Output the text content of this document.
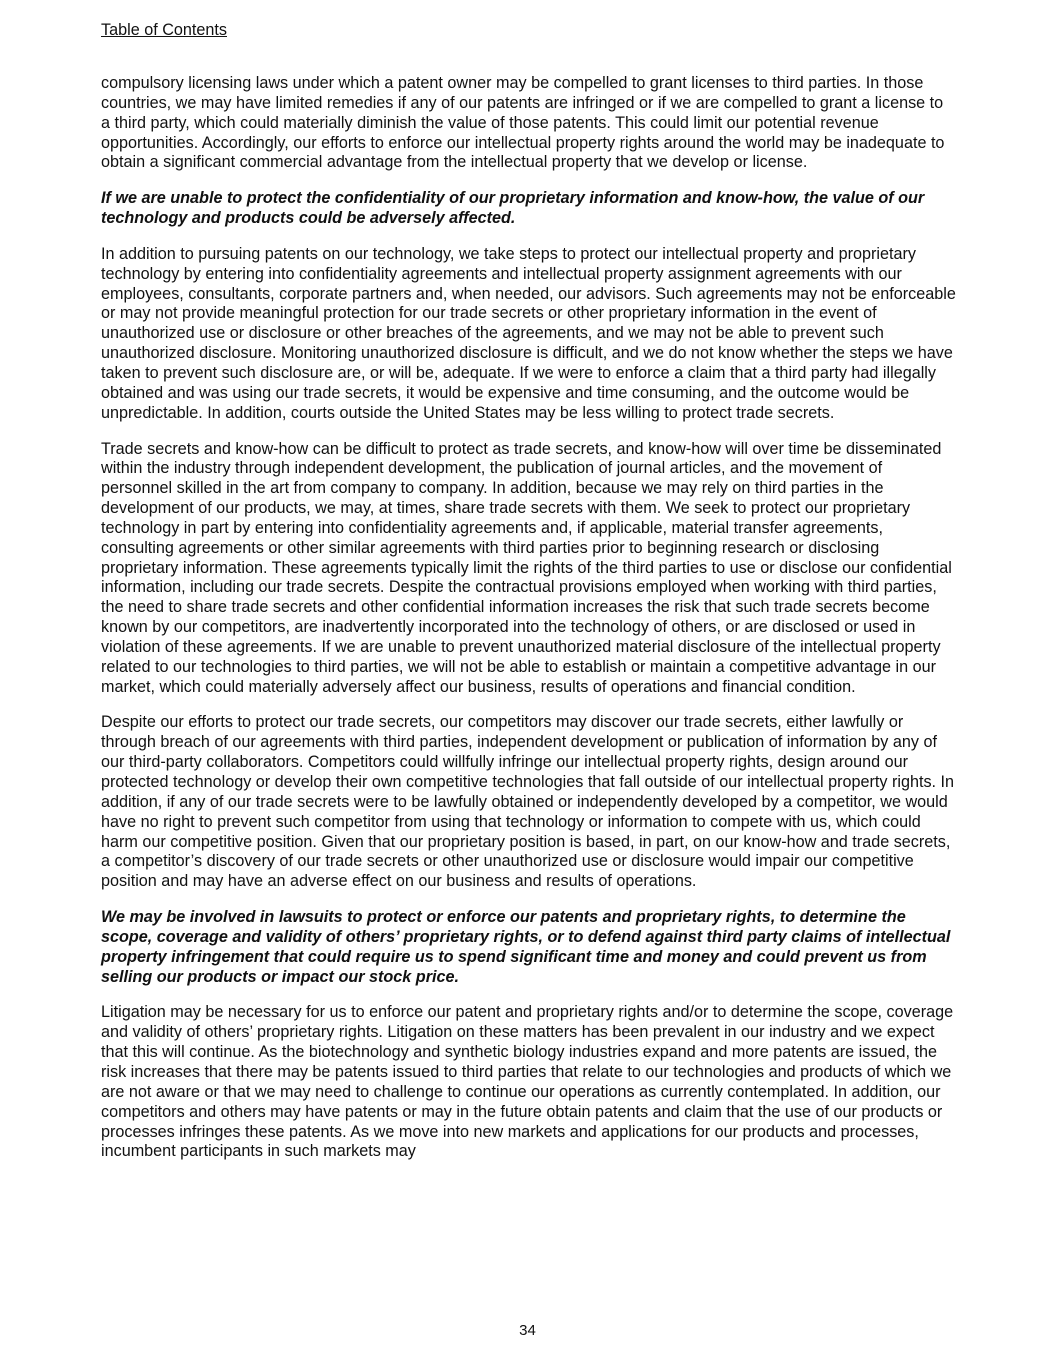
Table of Contents

compulsory licensing laws under which a patent owner may be compelled to grant licenses to third parties. In those countries, we may have limited remedies if any of our patents are infringed or if we are compelled to grant a license to a third party, which could materially diminish the value of those patents. This could limit our potential revenue opportunities. Accordingly, our efforts to enforce our intellectual property rights around the world may be inadequate to obtain a significant commercial advantage from the intellectual property that we develop or license.

If we are unable to protect the confidentiality of our proprietary information and know-how, the value of our technology and products could be adversely affected.

In addition to pursuing patents on our technology, we take steps to protect our intellectual property and proprietary technology by entering into confidentiality agreements and intellectual property assignment agreements with our employees, consultants, corporate partners and, when needed, our advisors. Such agreements may not be enforceable or may not provide meaningful protection for our trade secrets or other proprietary information in the event of unauthorized use or disclosure or other breaches of the agreements, and we may not be able to prevent such unauthorized disclosure. Monitoring unauthorized disclosure is difficult, and we do not know whether the steps we have taken to prevent such disclosure are, or will be, adequate. If we were to enforce a claim that a third party had illegally obtained and was using our trade secrets, it would be expensive and time consuming, and the outcome would be unpredictable. In addition, courts outside the United States may be less willing to protect trade secrets.

Trade secrets and know-how can be difficult to protect as trade secrets, and know-how will over time be disseminated within the industry through independent development, the publication of journal articles, and the movement of personnel skilled in the art from company to company. In addition, because we may rely on third parties in the development of our products, we may, at times, share trade secrets with them. We seek to protect our proprietary technology in part by entering into confidentiality agreements and, if applicable, material transfer agreements, consulting agreements or other similar agreements with third parties prior to beginning research or disclosing proprietary information. These agreements typically limit the rights of the third parties to use or disclose our confidential information, including our trade secrets. Despite the contractual provisions employed when working with third parties, the need to share trade secrets and other confidential information increases the risk that such trade secrets become known by our competitors, are inadvertently incorporated into the technology of others, or are disclosed or used in violation of these agreements. If we are unable to prevent unauthorized material disclosure of the intellectual property related to our technologies to third parties, we will not be able to establish or maintain a competitive advantage in our market, which could materially adversely affect our business, results of operations and financial condition.

Despite our efforts to protect our trade secrets, our competitors may discover our trade secrets, either lawfully or through breach of our agreements with third parties, independent development or publication of information by any of our third-party collaborators. Competitors could willfully infringe our intellectual property rights, design around our protected technology or develop their own competitive technologies that fall outside of our intellectual property rights. In addition, if any of our trade secrets were to be lawfully obtained or independently developed by a competitor, we would have no right to prevent such competitor from using that technology or information to compete with us, which could harm our competitive position. Given that our proprietary position is based, in part, on our know-how and trade secrets, a competitor’s discovery of our trade secrets or other unauthorized use or disclosure would impair our competitive position and may have an adverse effect on our business and results of operations.

We may be involved in lawsuits to protect or enforce our patents and proprietary rights, to determine the scope, coverage and validity of others’ proprietary rights, or to defend against third party claims of intellectual property infringement that could require us to spend significant time and money and could prevent us from selling our products or impact our stock price.

Litigation may be necessary for us to enforce our patent and proprietary rights and/or to determine the scope, coverage and validity of others’ proprietary rights. Litigation on these matters has been prevalent in our industry and we expect that this will continue. As the biotechnology and synthetic biology industries expand and more patents are issued, the risk increases that there may be patents issued to third parties that relate to our technologies and products of which we are not aware or that we may need to challenge to continue our operations as currently contemplated. In addition, our competitors and others may have patents or may in the future obtain patents and claim that the use of our products or processes infringes these patents. As we move into new markets and applications for our products and processes, incumbent participants in such markets may

34
